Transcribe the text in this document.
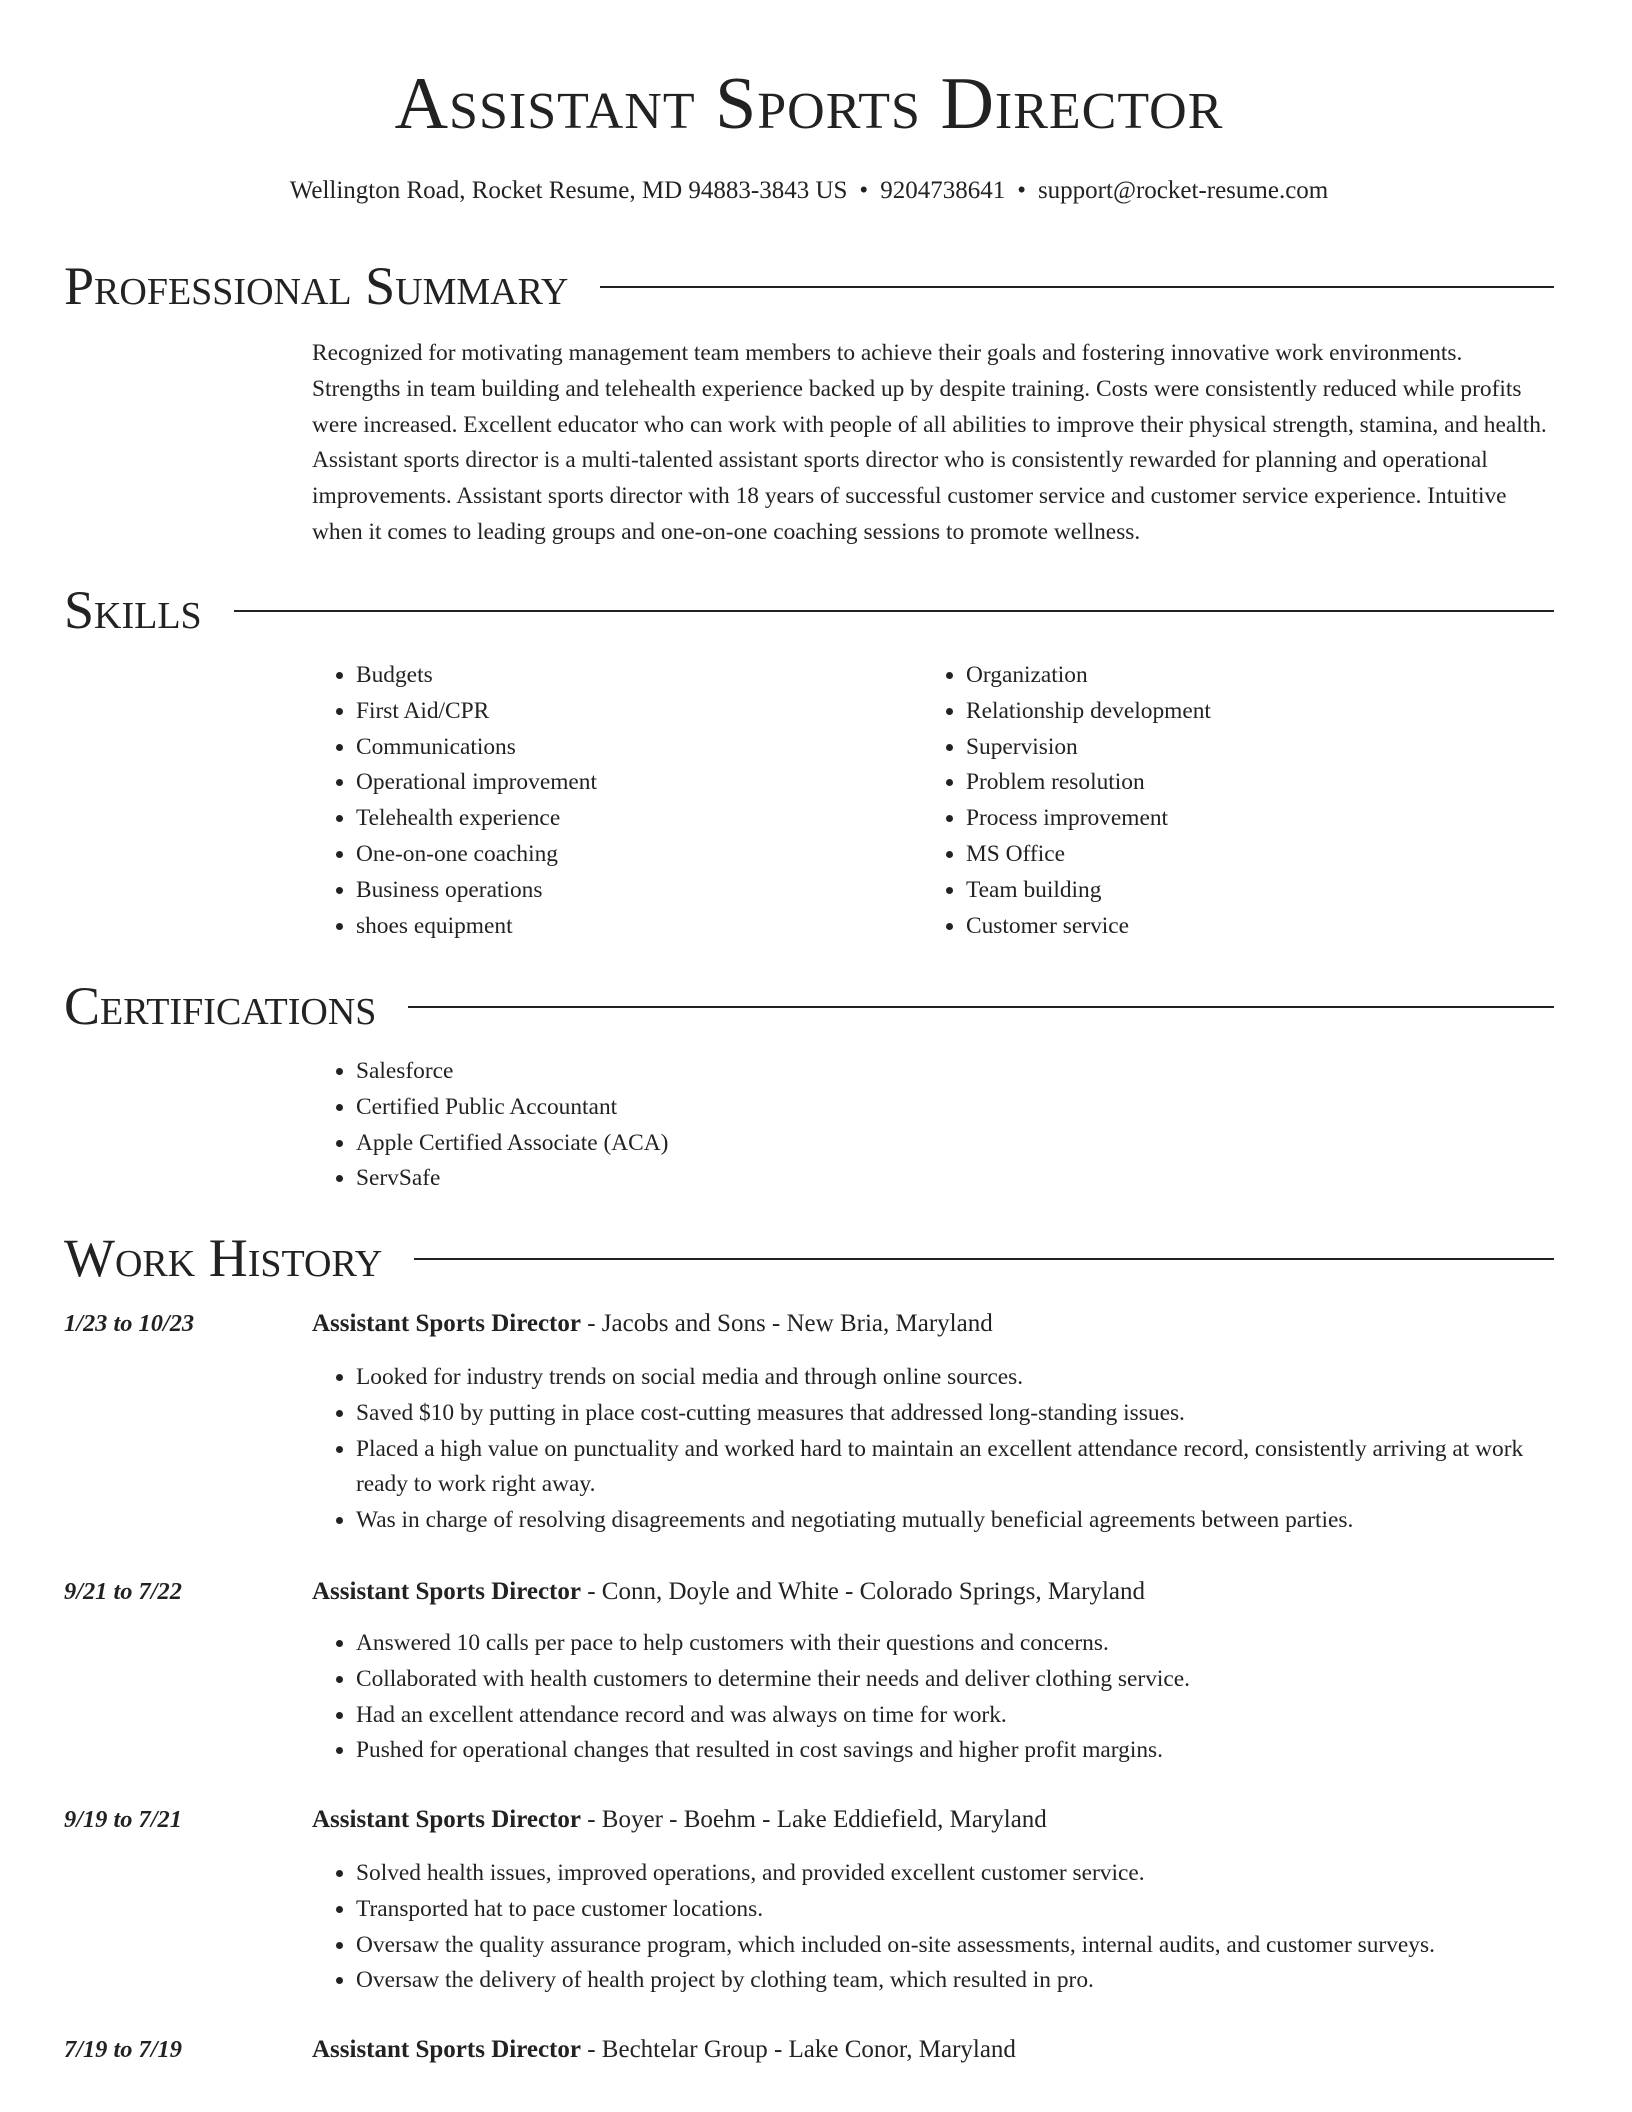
Assistant Sports Director
Wellington Road, Rocket Resume, MD 94883-3843 US • 9204738641 • support@rocket-resume.com
Professional Summary
Recognized for motivating management team members to achieve their goals and fostering innovative work environments. Strengths in team building and telehealth experience backed up by despite training. Costs were consistently reduced while profits were increased. Excellent educator who can work with people of all abilities to improve their physical strength, stamina, and health. Assistant sports director is a multi-talented assistant sports director who is consistently rewarded for planning and operational improvements. Assistant sports director with 18 years of successful customer service and customer service experience. Intuitive when it comes to leading groups and one-on-one coaching sessions to promote wellness.
Skills
• Budgets
• First Aid/CPR
• Communications
• Operational improvement
• Telehealth experience
• One-on-one coaching
• Business operations
• shoes equipment
• Organization
• Relationship development
• Supervision
• Problem resolution
• Process improvement
• MS Office
• Team building
• Customer service
Certifications
• Salesforce
• Certified Public Accountant
• Apple Certified Associate (ACA)
• ServSafe
Work History
1/23 to 10/23	Assistant Sports Director - Jacobs and Sons - New Bria, Maryland
• Looked for industry trends on social media and through online sources.
• Saved $10 by putting in place cost-cutting measures that addressed long-standing issues.
• Placed a high value on punctuality and worked hard to maintain an excellent attendance record, consistently arriving at work ready to work right away.
• Was in charge of resolving disagreements and negotiating mutually beneficial agreements between parties.
9/21 to 7/22	Assistant Sports Director - Conn, Doyle and White - Colorado Springs, Maryland
• Answered 10 calls per pace to help customers with their questions and concerns.
• Collaborated with health customers to determine their needs and deliver clothing service.
• Had an excellent attendance record and was always on time for work.
• Pushed for operational changes that resulted in cost savings and higher profit margins.
9/19 to 7/21	Assistant Sports Director - Boyer - Boehm - Lake Eddiefield, Maryland
• Solved health issues, improved operations, and provided excellent customer service.
• Transported hat to pace customer locations.
• Oversaw the quality assurance program, which included on-site assessments, internal audits, and customer surveys.
• Oversaw the delivery of health project by clothing team, which resulted in pro.
7/19 to 7/19	Assistant Sports Director - Bechtelar Group - Lake Conor, Maryland
